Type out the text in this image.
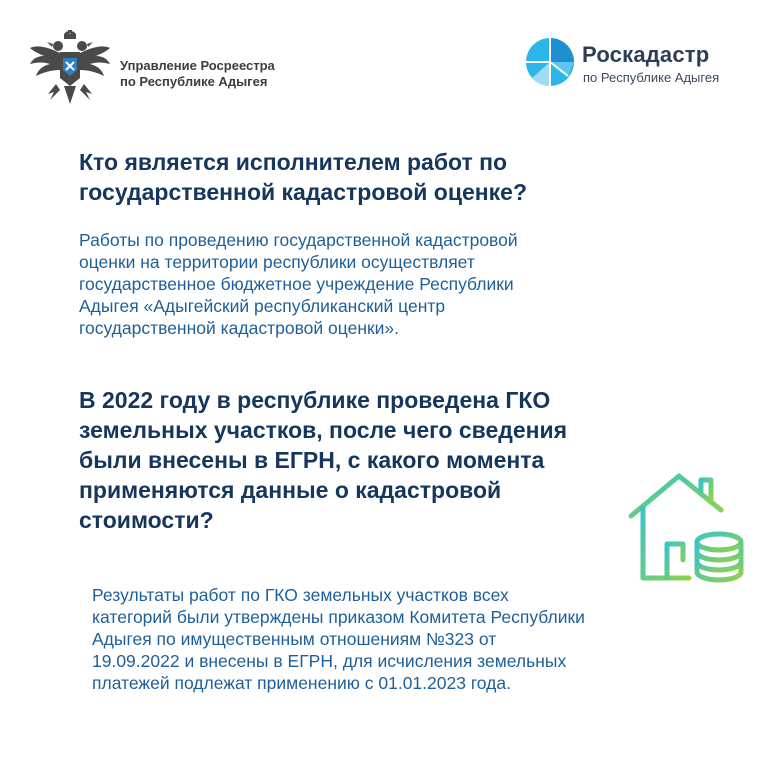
Управление Росреестра
по Республике Адыгея
Роскадастр
по Республике Адыгея
Кто является исполнителем работ по
государственной кадастровой оценке?
Работы по проведению государственной кадастровой
оценки на территории республики осуществляет
государственное бюджетное учреждение Республики
Адыгея «Адыгейский республиканский центр
государственной кадастровой оценки».
В 2022 году в республике проведена ГКО
земельных участков, после чего сведения
были внесены в ЕГРН, с какого момента
применяются данные о кадастровой
стоимости?
Результаты работ по ГКО земельных участков всех
категорий были утверждены приказом Комитета Республики
Адыгея по имущественным отношениям №323 от
19.09.2022 и внесены в ЕГРН, для исчисления земельных
платежей подлежат применению с 01.01.2023 года.
